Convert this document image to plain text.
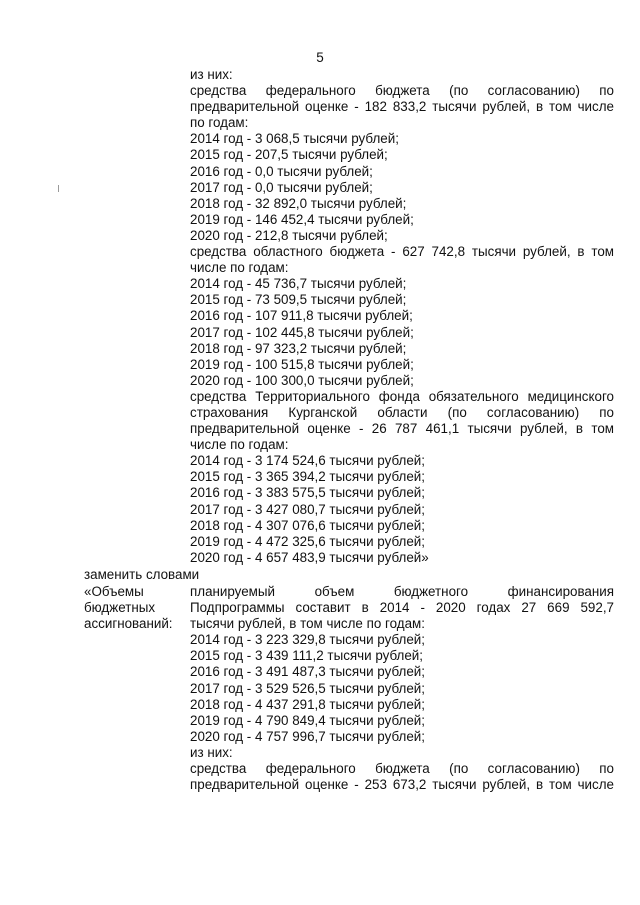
5
из них:
средства федерального бюджета (по согласованию) по
предварительной оценке - 182 833,2 тысячи рублей, в том числе
по годам:
2014 год - 3 068,5 тысячи рублей;
2015 год - 207,5 тысячи рублей;
2016 год - 0,0 тысячи рублей;
2017 год - 0,0 тысячи рублей;
2018 год - 32 892,0 тысячи рублей;
2019 год - 146 452,4 тысячи рублей;
2020 год - 212,8 тысячи рублей;
средства областного бюджета - 627 742,8 тысячи рублей, в том
числе по годам:
2014 год - 45 736,7 тысячи рублей;
2015 год - 73 509,5 тысячи рублей;
2016 год - 107 911,8 тысячи рублей;
2017 год - 102 445,8 тысячи рублей;
2018 год - 97 323,2 тысячи рублей;
2019 год - 100 515,8 тысячи рублей;
2020 год - 100 300,0 тысячи рублей;
средства Территориального фонда обязательного медицинского
страхования Курганской области (по согласованию) по
предварительной оценке - 26 787 461,1 тысячи рублей, в том
числе по годам:
2014 год - 3 174 524,6 тысячи рублей;
2015 год - 3 365 394,2 тысячи рублей;
2016 год - 3 383 575,5 тысячи рублей;
2017 год - 3 427 080,7 тысячи рублей;
2018 год - 4 307 076,6 тысячи рублей;
2019 год - 4 472 325,6 тысячи рублей;
2020 год - 4 657 483,9 тысячи рублей»
заменить словами
«Объемы
бюджетных
ассигнований:
планируемый объем бюджетного финансирования
Подпрограммы составит в 2014 - 2020 годах 27 669 592,7
тысячи рублей, в том числе по годам:
2014 год - 3 223 329,8 тысячи рублей;
2015 год - 3 439 111,2 тысячи рублей;
2016 год - 3 491 487,3 тысячи рублей;
2017 год - 3 529 526,5 тысячи рублей;
2018 год - 4 437 291,8 тысячи рублей;
2019 год - 4 790 849,4 тысячи рублей;
2020 год - 4 757 996,7 тысячи рублей;
из них:
средства федерального бюджета (по согласованию) по
предварительной оценке - 253 673,2 тысячи рублей, в том числе
